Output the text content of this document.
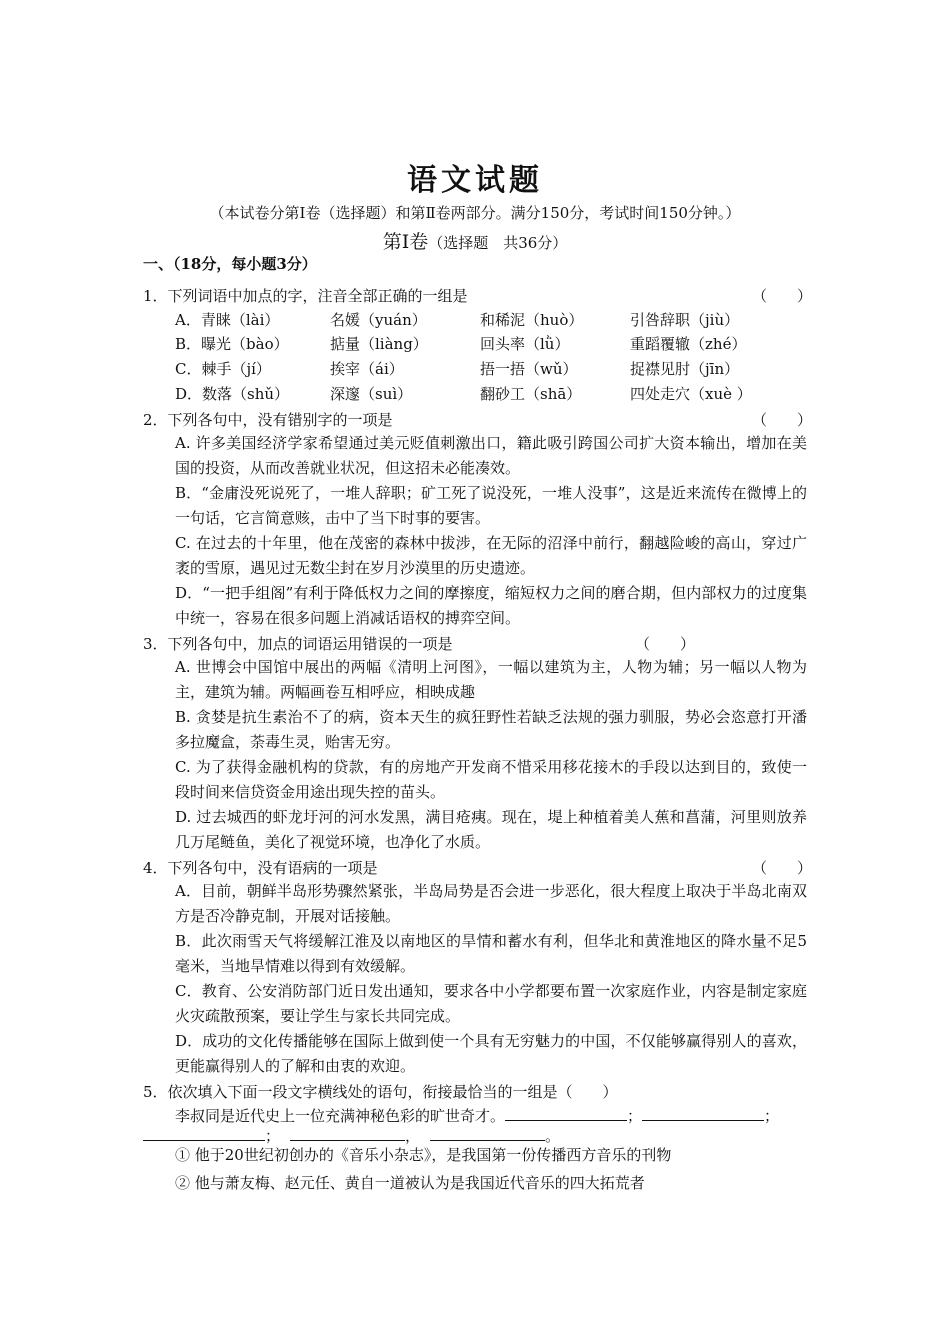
语文试题
（本试卷分第Ⅰ卷（选择题）和第Ⅱ卷两部分。满分150分，考试时间150分钟。）
第Ⅰ卷（选择题　共36分）
一、（18分，每小题3分）
1．下列词语中加点的字，注音全部正确的一组是	（　　）
A．青睐（lài）	名媛（yuán）	和稀泥（huò）	引咎辞职（jiù）
B．曝光（bào）	掂量（liàng）	回头率（lǜ）	重蹈覆辙（zhé）
C．棘手（jí）	挨宰（ái）	捂一捂（wǔ）	捉襟见肘（jīn）
D．数落（shǔ）	深邃（suì）	翻砂工（shā）	四处走穴（xuè ）
2．下列各句中，没有错别字的一项是	（　　）
A. 许多美国经济学家希望通过美元贬值刺激出口，籍此吸引跨国公司扩大资本输出，增加在美国的投资，从而改善就业状况，但这招未必能凑效。
B．“金庸没死说死了，一堆人辞职；矿工死了说没死，一堆人没事”，这是近来流传在微博上的一句话，它言简意赅，击中了当下时事的要害。
C. 在过去的十年里，他在茂密的森林中拔涉，在无际的沼泽中前行，翻越险峻的高山，穿过广袤的雪原，遇见过无数尘封在岁月沙漠里的历史遗迹。
D．“一把手组阁”有利于降低权力之间的摩擦度，缩短权力之间的磨合期，但内部权力的过度集中统一，容易在很多问题上消减话语权的搏弈空间。
3．下列各句中，加点的词语运用错误的一项是	（　　）
A. 世博会中国馆中展出的两幅《清明上河图》，一幅以建筑为主，人物为辅；另一幅以人物为主，建筑为辅。两幅画卷互相呼应，相映成趣
B. 贪婪是抗生素治不了的病，资本天生的疯狂野性若缺乏法规的强力驯服，势必会恣意打开潘多拉魔盒，荼毒生灵，贻害无穷。
C. 为了获得金融机构的贷款，有的房地产开发商不惜采用移花接木的手段以达到目的，致使一段时间来信贷资金用途出现失控的苗头。
D. 过去城西的虾龙圩河的河水发黑，满目疮痍。现在，堤上种植着美人蕉和菖蒲，河里则放养几万尾鲢鱼，美化了视觉环境，也净化了水质。
4．下列各句中，没有语病的一项是	（　　）
A．目前，朝鲜半岛形势骤然紧张，半岛局势是否会进一步恶化，很大程度上取决于半岛北南双方是否冷静克制，开展对话接触。
B．此次雨雪天气将缓解江淮及以南地区的旱情和蓄水有利，但华北和黄淮地区的降水量不足5毫米，当地旱情难以得到有效缓解。
C．教育、公安消防部门近日发出通知，要求各中小学都要布置一次家庭作业，内容是制定家庭火灾疏散预案，要让学生与家长共同完成。
D．成功的文化传播能够在国际上做到使一个具有无穷魅力的中国，不仅能够赢得别人的喜欢，更能赢得别人的了解和由衷的欢迎。
5．依次填入下面一段文字横线处的语句，衔接最恰当的一组是（　　）
李叔同是近代史上一位充满神秘色彩的旷世奇才。	；	；
；	，	。
① 他于20世纪初创办的《音乐小杂志》，是我国第一份传播西方音乐的刊物
② 他与萧友梅、赵元任、黄自一道被认为是我国近代音乐的四大拓荒者
